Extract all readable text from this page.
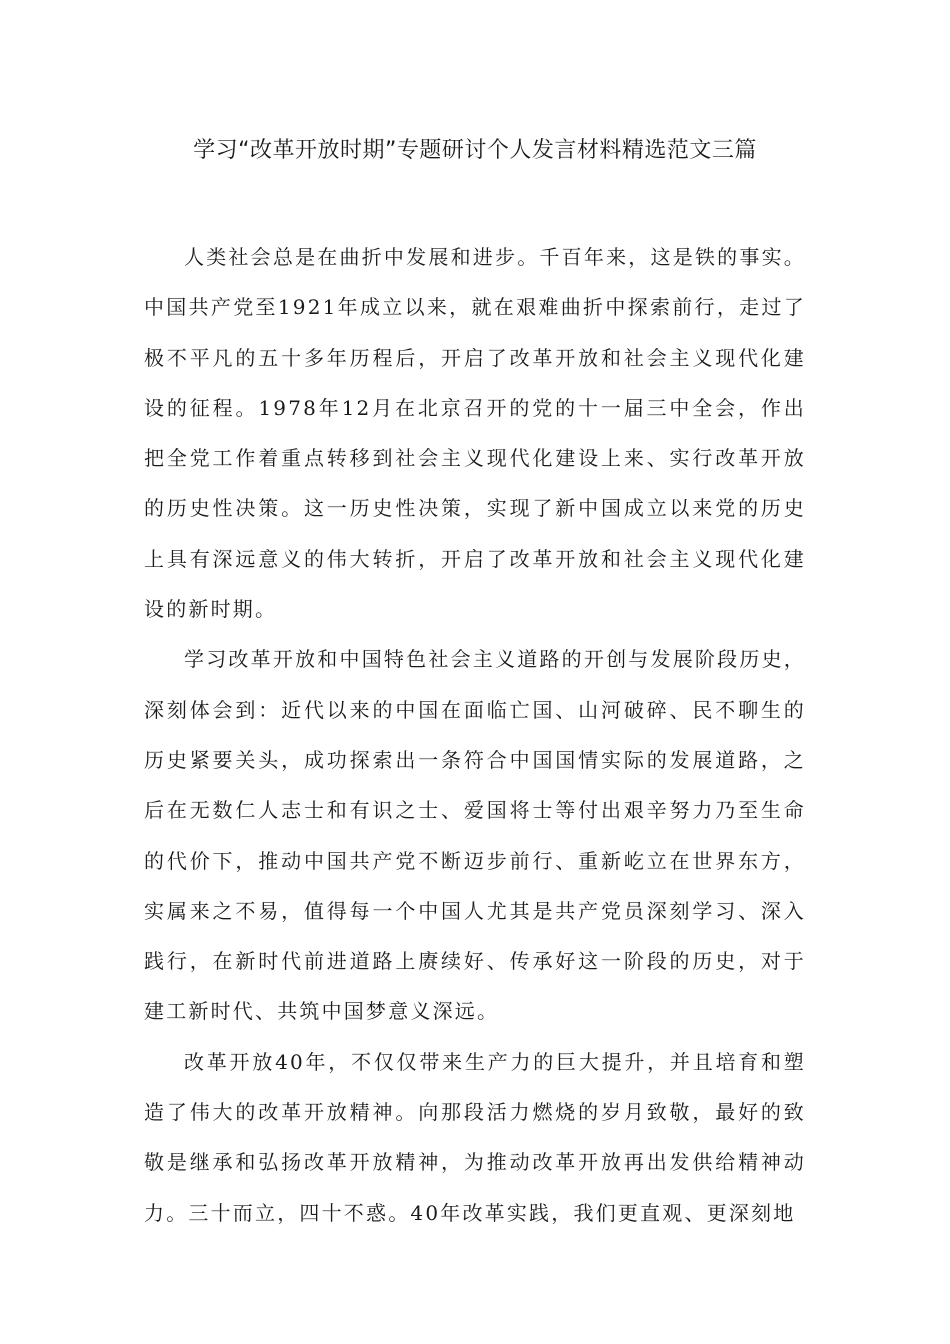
学习“改革开放时期”专题研讨个人发言材料精选范文三篇

人类社会总是在曲折中发展和进步。千百年来，这是铁的事实。中国共产党至1921年成立以来，就在艰难曲折中探索前行，走过了极不平凡的五十多年历程后，开启了改革开放和社会主义现代化建设的征程。1978年12月在北京召开的党的十一届三中全会，作出把全党工作着重点转移到社会主义现代化建设上来、实行改革开放的历史性决策。这一历史性决策，实现了新中国成立以来党的历史上具有深远意义的伟大转折，开启了改革开放和社会主义现代化建设的新时期。

学习改革开放和中国特色社会主义道路的开创与发展阶段历史，深刻体会到：近代以来的中国在面临亡国、山河破碎、民不聊生的历史紧要关头，成功探索出一条符合中国国情实际的发展道路，之后在无数仁人志士和有识之士、爱国将士等付出艰辛努力乃至生命的代价下，推动中国共产党不断迈步前行、重新屹立在世界东方，实属来之不易，值得每一个中国人尤其是共产党员深刻学习、深入践行，在新时代前进道路上赓续好、传承好这一阶段的历史，对于建工新时代、共筑中国梦意义深远。

改革开放40年，不仅仅带来生产力的巨大提升，并且培育和塑造了伟大的改革开放精神。向那段活力燃烧的岁月致敬，最好的致敬是继承和弘扬改革开放精神，为推动改革开放再出发供给精神动力。三十而立，四十不惑。40年改革实践，我们更直观、更深刻地
